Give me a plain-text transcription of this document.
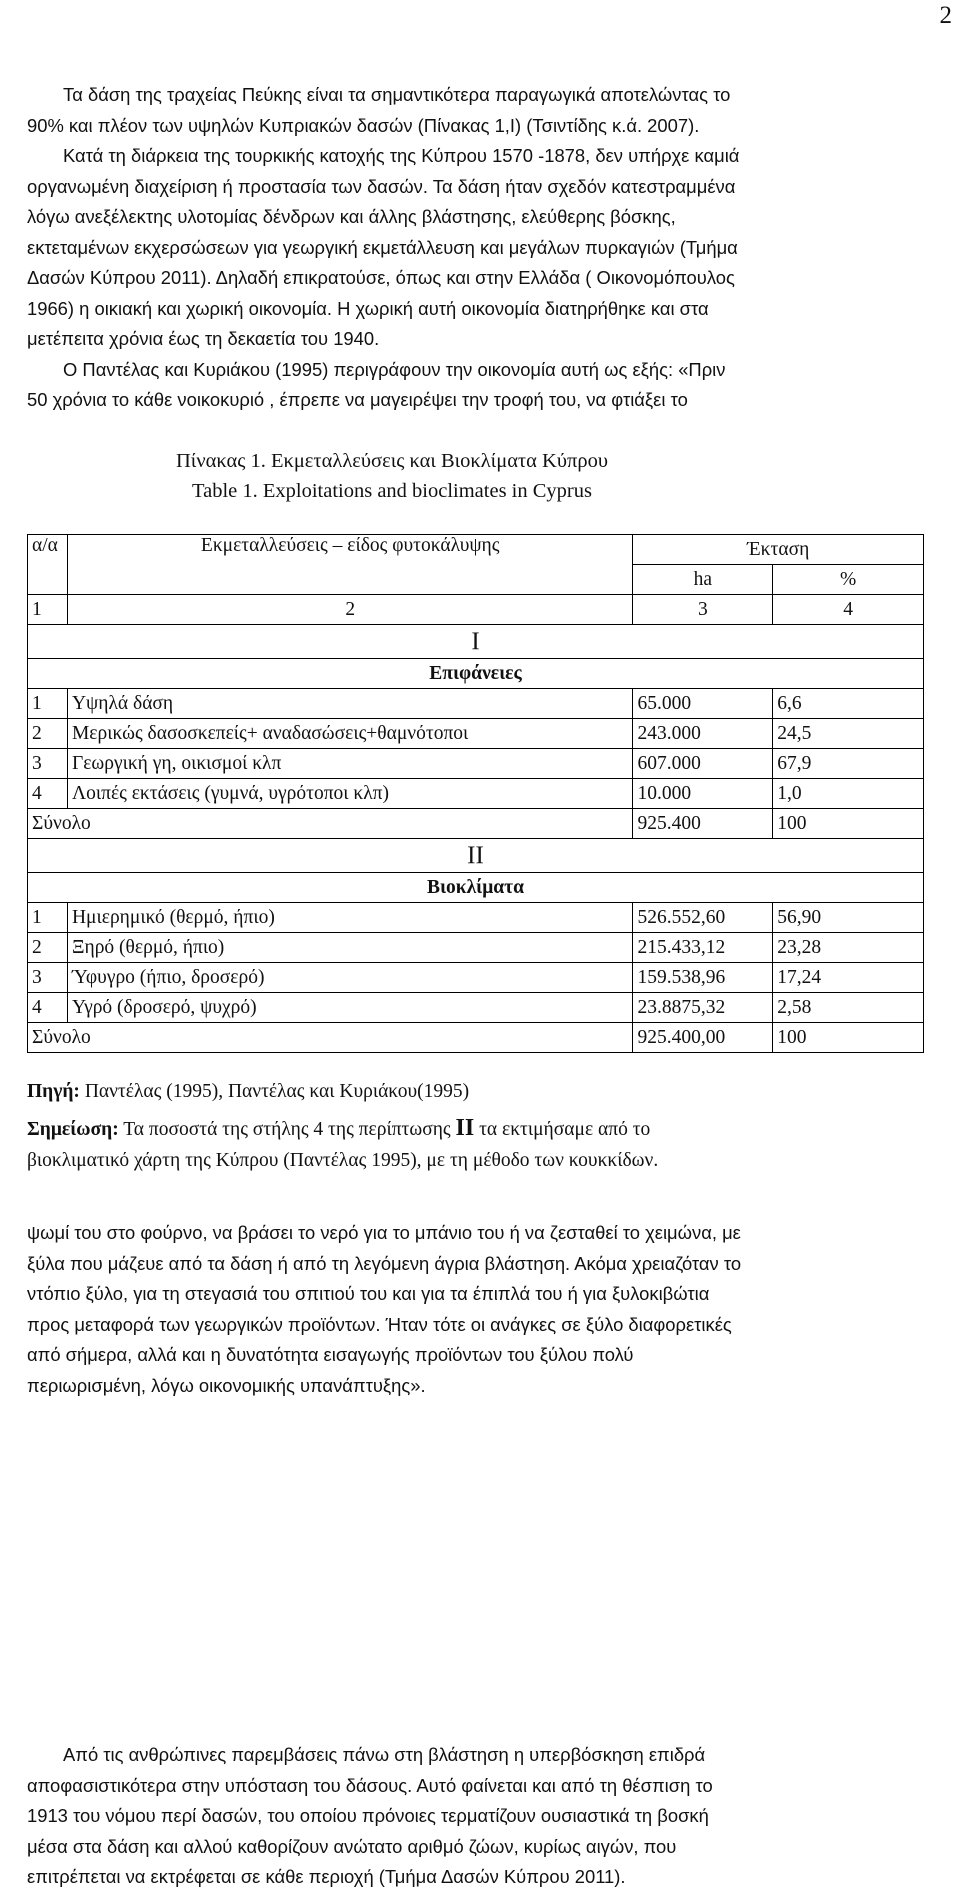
2
Τα δάση της τραχείας Πεύκης είναι τα σημαντικότερα παραγωγικά αποτελώντας το
90% και πλέον των υψηλών Κυπριακών δασών (Πίνακας 1,Ι) (Τσιντίδης κ.ά. 2007).
Κατά τη διάρκεια της τουρκικής κατοχής της Κύπρου 1570 -1878, δεν υπήρχε καμιά
οργανωμένη διαχείριση ή προστασία των δασών. Τα δάση ήταν σχεδόν κατεστραμμένα
λόγω ανεξέλεκτης υλοτομίας δένδρων και άλλης βλάστησης, ελεύθερης βόσκης,
εκτεταμένων εκχερσώσεων για γεωργική εκμετάλλευση και μεγάλων πυρκαγιών (Τμήμα
Δασών Κύπρου 2011). Δηλαδή επικρατούσε, όπως και στην Ελλάδα ( Οικονομόπουλος
1966) η οικιακή και χωρική οικονομία. Η χωρική αυτή οικονομία διατηρήθηκε και στα
μετέπειτα χρόνια έως τη δεκαετία του 1940.
Ο Παντέλας και Κυριάκου (1995) περιγράφουν την οικονομία αυτή ως εξής: «Πριν
50 χρόνια το κάθε νοικοκυριό , έπρεπε να μαγειρέψει την τροφή του, να φτιάξει το
Πίνακας 1. Εκμεταλλεύσεις και Βιοκλίματα Κύπρου
Table 1. Exploitations and bioclimates in Cyprus
α/α	Εκμεταλλεύσεις – είδος φυτοκάλυψης	Έκταση	
		ha	%
1	2	3	4
Ι			
Επιφάνειες			
1	Υψηλά δάση	65.000	6,6
2	Μερικώς δασοσκεπείς+ αναδασώσεις+θαμνότοποι	243.000	24,5
3	Γεωργική γη, οικισμοί κλπ	607.000	67,9
4	Λοιπές εκτάσεις (γυμνά, υγρότοποι κλπ)	10.000	1,0
Σύνολο		925.400	100
ΙΙ			
Βιοκλίματα			
1	Ημιερημικό (θερμό, ήπιο)	526.552,60	56,90
2	Ξηρό (θερμό, ήπιο)	215.433,12	23,28
3	Ύφυγρο (ήπιο, δροσερό)	159.538,96	17,24
4	Υγρό (δροσερό, ψυχρό)	23.8875,32	2,58
Σύνολο		925.400,00	100
Πηγή: Παντέλας (1995), Παντέλας και Κυριάκου(1995)
Σημείωση: Τα ποσοστά της στήλης 4 της περίπτωσης ΙΙ τα εκτιμήσαμε από το
βιοκλιματικό χάρτη της Κύπρου (Παντέλας 1995), με τη μέθοδο των κουκκίδων.
ψωμί του στο φούρνο, να βράσει το νερό για το μπάνιο του ή να ζεσταθεί το χειμώνα, με
ξύλα που μάζευε από τα δάση ή από τη λεγόμενη άγρια βλάστηση. Ακόμα χρειαζόταν το
ντόπιο ξύλο, για τη στεγασιά του σπιτιού του και για τα έπιπλά του ή για ξυλοκιβώτια
προς μεταφορά των γεωργικών προϊόντων. Ήταν τότε οι ανάγκες σε ξύλο διαφορετικές
από σήμερα, αλλά και η δυνατότητα εισαγωγής προϊόντων του ξύλου πολύ
περιωρισμένη, λόγω οικονομικής υπανάπτυξης».
Από τις ανθρώπινες παρεμβάσεις πάνω στη βλάστηση η υπερβόσκηση επιδρά
αποφασιστικότερα στην υπόσταση του δάσους. Αυτό φαίνεται και από τη θέσπιση το
1913 του νόμου περί δασών, του οποίου πρόνοιες τερματίζουν ουσιαστικά τη βοσκή
μέσα στα δάση και αλλού καθορίζουν ανώτατο αριθμό ζώων, κυρίως αιγών, που
επιτρέπεται να εκτρέφεται σε κάθε περιοχή (Τμήμα Δασών Κύπρου 2011).
